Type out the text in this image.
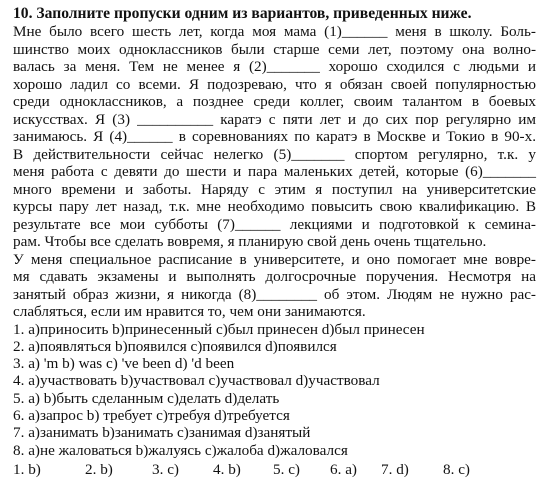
10. Заполните пропуски одним из вариантов, приведенных ниже.
Мне было всего шесть лет, когда моя мама (1)______ меня в школу. Боль-
шинство моих одноклассников были старше семи лет, поэтому она волно-
валась за меня. Тем не менее я (2)_______ хорошо сходился с людьми и
хорошо ладил со всеми. Я подозреваю, что я обязан своей популярностью
среди одноклассников, а позднее среди коллег, своим талантом в боевых
искусствах. Я (3) __________ каратэ с пяти лет и до сих пор регулярно им
занимаюсь. Я (4)______ в соревнованиях по каратэ в Москве и Токио в 90-х.
В действительности сейчас нелегко (5)_______ спортом регулярно, т.к. у
меня работа с девяти до шести и пара маленьких детей, которые (6)_______
много времени и заботы. Наряду с этим я поступил на университетские
курсы пару лет назад, т.к. мне необходимо повысить свою квалификацию. В
результате все мои субботы (7)______ лекциями и подготовкой к семина-
рам. Чтобы все сделать вовремя, я планирую свой день очень тщательно.
У меня специальное расписание в университете, и оно помогает мне вовре-
мя сдавать экзамены и выполнять долгосрочные поручения. Несмотря на
занятый образ жизни, я никогда (8)________ об этом. Людям не нужно рас-
слабляться, если им нравится то, чем они занимаются.
1. a)приносить b)принесенный c)был принесен d)был принесен
2. a)появляться b)появился c)появился d)появился
3. a) 'm b) was c) 've been d) 'd been
4. a)участвовать b)участвовал c)участвовал d)участвовал
5. a) b)быть сделанным c)делать d)делать
6. a)запрос b) требует c)требуя d)требуется
7. a)занимать b)занимать c)занимая d)занятый
8. a)не жаловаться b)жалуясь c)жалоба d)жаловался
1. b)	2. b)	3. c) 4. b) 5. c) 6. a) 7. d) 8. c)
